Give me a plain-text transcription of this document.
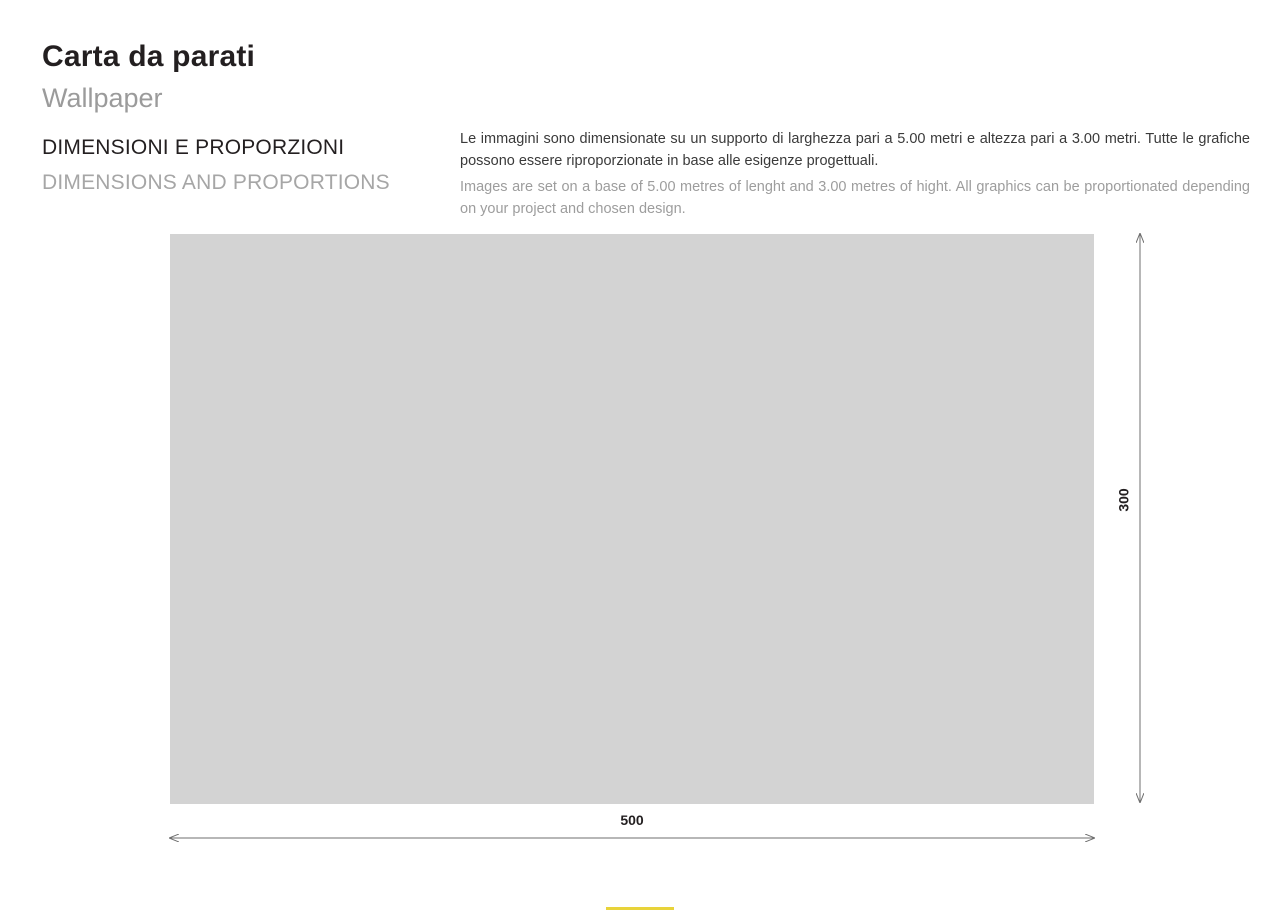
Carta da parati
Wallpaper
DIMENSIONI E PROPORZIONI
DIMENSIONS AND PROPORTIONS
Le immagini sono dimensionate su un supporto di larghezza pari a 5.00 metri e altezza pari a 3.00 metri. Tutte le grafiche possono essere riproporzionate in base alle esigenze progettuali.
Images are set on a base of 5.00 metres of lenght and 3.00 metres of hight. All graphics can be proportionated depending on your project and chosen design.
500
300
